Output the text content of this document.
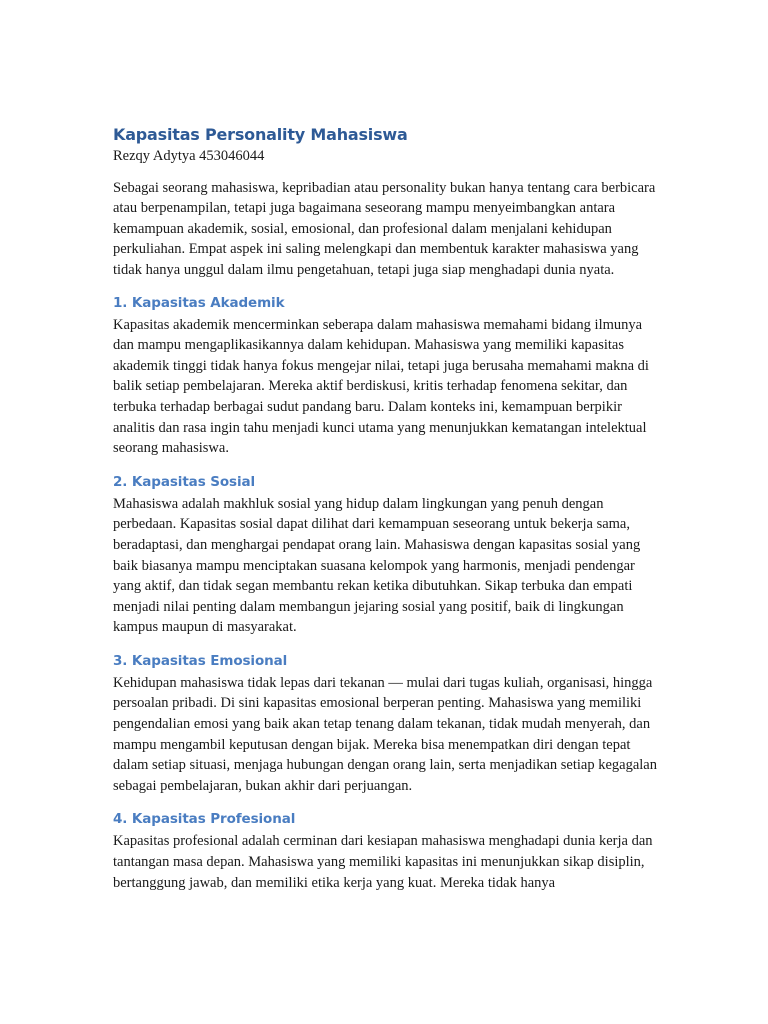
Kapasitas Personality Mahasiswa

Rezqy Adytya 453046044

Sebagai seorang mahasiswa, kepribadian atau personality bukan hanya tentang cara berbicara atau berpenampilan, tetapi juga bagaimana seseorang mampu menyeimbangkan antara kemampuan akademik, sosial, emosional, dan profesional dalam menjalani kehidupan perkuliahan. Empat aspek ini saling melengkapi dan membentuk karakter mahasiswa yang tidak hanya unggul dalam ilmu pengetahuan, tetapi juga siap menghadapi dunia nyata.

1. Kapasitas Akademik

Kapasitas akademik mencerminkan seberapa dalam mahasiswa memahami bidang ilmunya dan mampu mengaplikasikannya dalam kehidupan. Mahasiswa yang memiliki kapasitas akademik tinggi tidak hanya fokus mengejar nilai, tetapi juga berusaha memahami makna di balik setiap pembelajaran. Mereka aktif berdiskusi, kritis terhadap fenomena sekitar, dan terbuka terhadap berbagai sudut pandang baru. Dalam konteks ini, kemampuan berpikir analitis dan rasa ingin tahu menjadi kunci utama yang menunjukkan kematangan intelektual seorang mahasiswa.

2. Kapasitas Sosial

Mahasiswa adalah makhluk sosial yang hidup dalam lingkungan yang penuh dengan perbedaan. Kapasitas sosial dapat dilihat dari kemampuan seseorang untuk bekerja sama, beradaptasi, dan menghargai pendapat orang lain. Mahasiswa dengan kapasitas sosial yang baik biasanya mampu menciptakan suasana kelompok yang harmonis, menjadi pendengar yang aktif, dan tidak segan membantu rekan ketika dibutuhkan. Sikap terbuka dan empati menjadi nilai penting dalam membangun jejaring sosial yang positif, baik di lingkungan kampus maupun di masyarakat.

3. Kapasitas Emosional

Kehidupan mahasiswa tidak lepas dari tekanan — mulai dari tugas kuliah, organisasi, hingga persoalan pribadi. Di sini kapasitas emosional berperan penting. Mahasiswa yang memiliki pengendalian emosi yang baik akan tetap tenang dalam tekanan, tidak mudah menyerah, dan mampu mengambil keputusan dengan bijak. Mereka bisa menempatkan diri dengan tepat dalam setiap situasi, menjaga hubungan dengan orang lain, serta menjadikan setiap kegagalan sebagai pembelajaran, bukan akhir dari perjuangan.

4. Kapasitas Profesional

Kapasitas profesional adalah cerminan dari kesiapan mahasiswa menghadapi dunia kerja dan tantangan masa depan. Mahasiswa yang memiliki kapasitas ini menunjukkan sikap disiplin, bertanggung jawab, dan memiliki etika kerja yang kuat. Mereka tidak hanya
